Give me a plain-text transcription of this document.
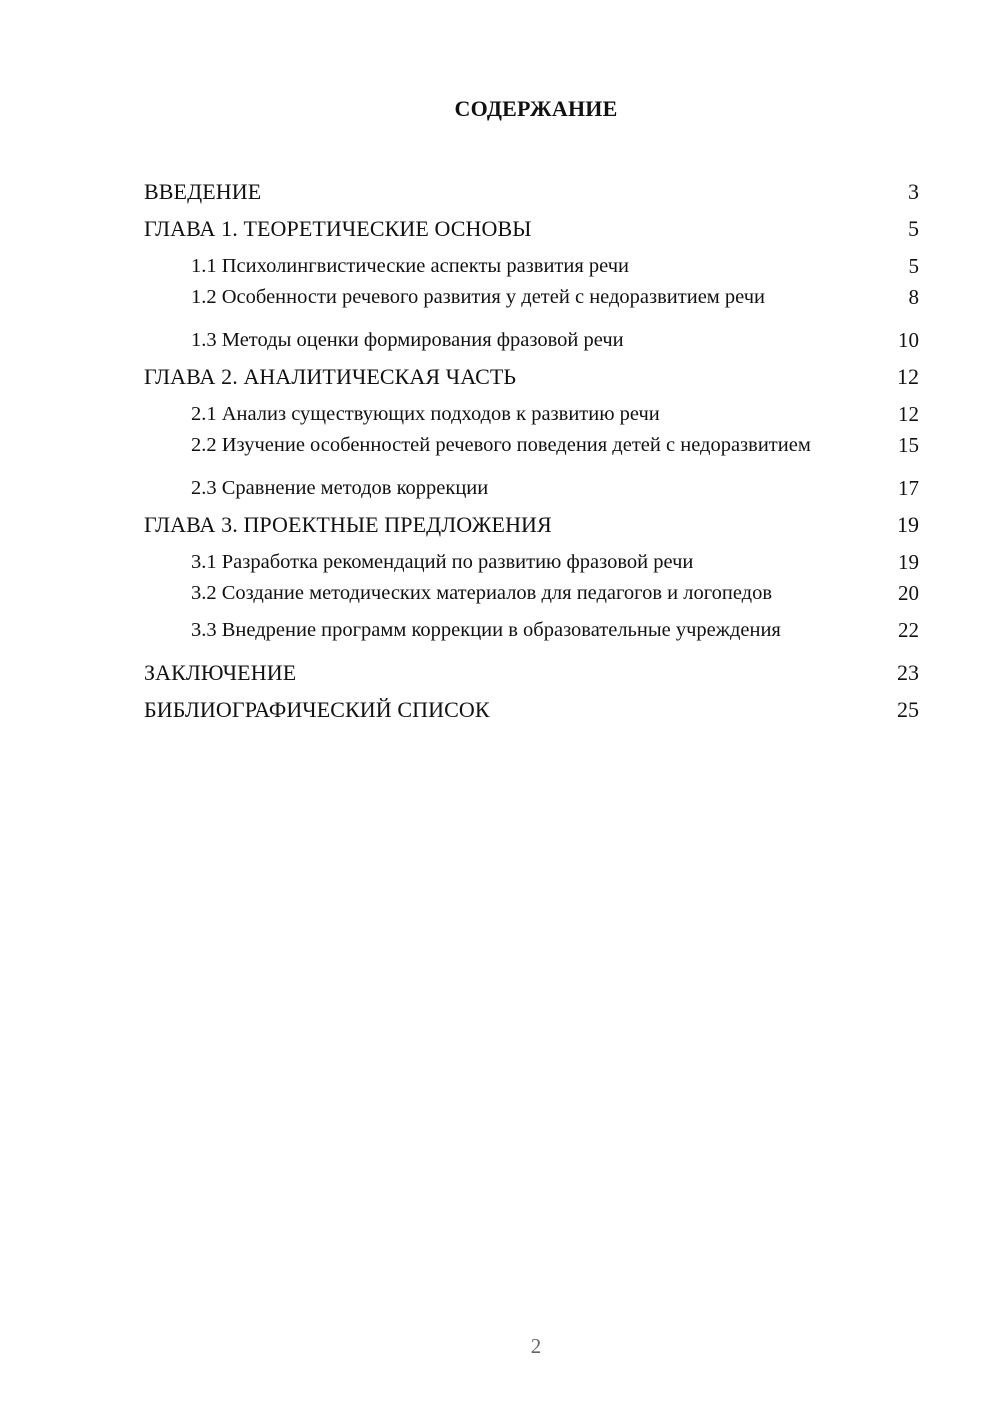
СОДЕРЖАНИЕ
ВВЕДЕНИЕ	3
ГЛАВА 1. ТЕОРЕТИЧЕСКИЕ ОСНОВЫ	5
1.1 Психолингвистические аспекты развития речи	5
1.2 Особенности речевого развития у детей с недоразвитием речи	8
1.3 Методы оценки формирования фразовой речи	10
ГЛАВА 2. АНАЛИТИЧЕСКАЯ ЧАСТЬ	12
2.1 Анализ существующих подходов к развитию речи	12
2.2 Изучение особенностей речевого поведения детей с недоразвитием	15
2.3 Сравнение методов коррекции	17
ГЛАВА 3. ПРОЕКТНЫЕ ПРЕДЛОЖЕНИЯ	19
3.1 Разработка рекомендаций по развитию фразовой речи	19
3.2 Создание методических материалов для педагогов и логопедов	20
3.3 Внедрение программ коррекции в образовательные учреждения	22
ЗАКЛЮЧЕНИЕ	23
БИБЛИОГРАФИЧЕСКИЙ СПИСОК	25
2
